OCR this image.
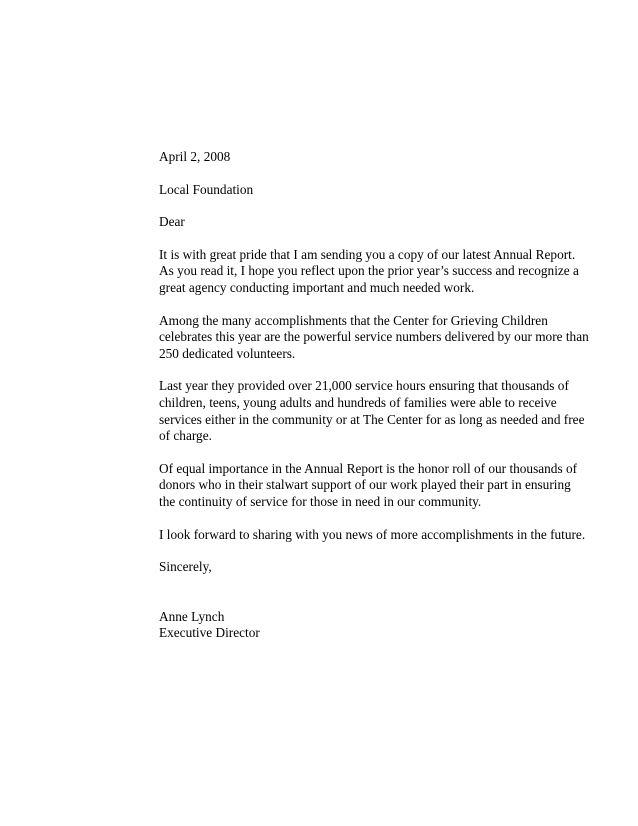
April 2, 2008

Local Foundation

Dear

It is with great pride that I am sending you a copy of our latest Annual Report.
As you read it, I hope you reflect upon the prior year’s success and recognize a
great agency conducting important and much needed work.

Among the many accomplishments that the Center for Grieving Children
celebrates this year are the powerful service numbers delivered by our more than
250 dedicated volunteers.

Last year they provided over 21,000 service hours ensuring that thousands of
children, teens, young adults and hundreds of families were able to receive
services either in the community or at The Center for as long as needed and free
of charge.

Of equal importance in the Annual Report is the honor roll of our thousands of
donors who in their stalwart support of our work played their part in ensuring
the continuity of service for those in need in our community.

I look forward to sharing with you news of more accomplishments in the future.

Sincerely,

Anne Lynch
Executive Director
